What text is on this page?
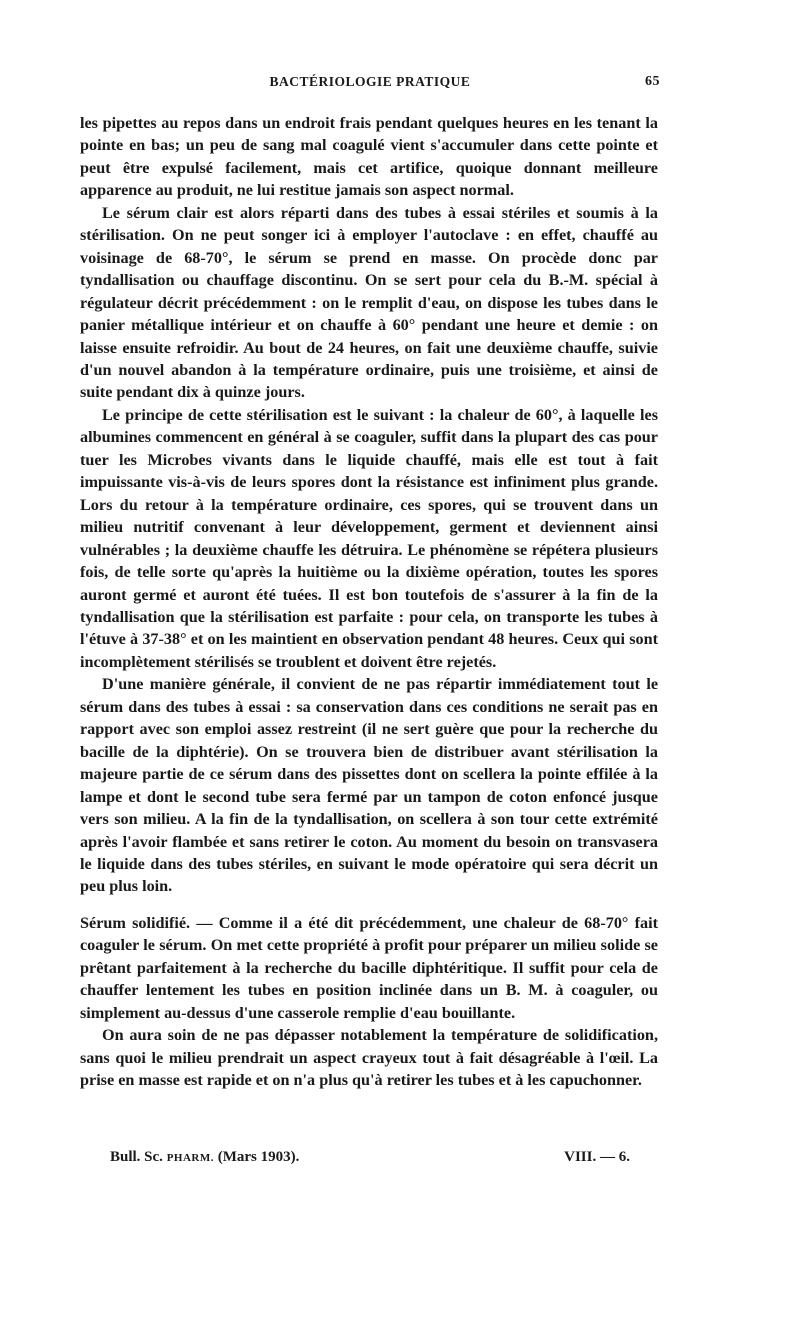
BACTÉRIOLOGIE PRATIQUE	65

les pipettes au repos dans un endroit frais pendant quelques heures en les tenant la pointe en bas; un peu de sang mal coagulé vient s'accumuler dans cette pointe et peut être expulsé facilement, mais cet artifice, quoique donnant meilleure apparence au produit, ne lui restitue jamais son aspect normal.

Le sérum clair est alors réparti dans des tubes à essai stériles et soumis à la stérilisation. On ne peut songer ici à employer l'autoclave : en effet, chauffé au voisinage de 68-70°, le sérum se prend en masse. On procède donc par tyndallisation ou chauffage discontinu. On se sert pour cela du B.-M. spécial à régulateur décrit précédemment : on le remplit d'eau, on dispose les tubes dans le panier métallique intérieur et on chauffe à 60° pendant une heure et demie : on laisse ensuite refroidir. Au bout de 24 heures, on fait une deuxième chauffe, suivie d'un nouvel abandon à la température ordinaire, puis une troisième, et ainsi de suite pendant dix à quinze jours.

Le principe de cette stérilisation est le suivant : la chaleur de 60°, à laquelle les albumines commencent en général à se coaguler, suffit dans la plupart des cas pour tuer les Microbes vivants dans le liquide chauffé, mais elle est tout à fait impuissante vis-à-vis de leurs spores dont la résistance est infiniment plus grande. Lors du retour à la température ordinaire, ces spores, qui se trouvent dans un milieu nutritif convenant à leur développement, germent et deviennent ainsi vulnérables ; la deuxième chauffe les détruira. Le phénomène se répétera plusieurs fois, de telle sorte qu'après la huitième ou la dixième opération, toutes les spores auront germé et auront été tuées. Il est bon toutefois de s'assurer à la fin de la tyndallisation que la stérilisation est parfaite : pour cela, on transporte les tubes à l'étuve à 37-38° et on les maintient en observation pendant 48 heures. Ceux qui sont incomplètement stérilisés se troublent et doivent être rejetés.

D'une manière générale, il convient de ne pas répartir immédiatement tout le sérum dans des tubes à essai : sa conservation dans ces conditions ne serait pas en rapport avec son emploi assez restreint (il ne sert guère que pour la recherche du bacille de la diphtérie). On se trouvera bien de distribuer avant stérilisation la majeure partie de ce sérum dans des pissettes dont on scellera la pointe effilée à la lampe et dont le second tube sera fermé par un tampon de coton enfoncé jusque vers son milieu. A la fin de la tyndallisation, on scellera à son tour cette extrémité après l'avoir flambée et sans retirer le coton. Au moment du besoin on transvasera le liquide dans des tubes stériles, en suivant le mode opératoire qui sera décrit un peu plus loin.

Sérum solidifié. — Comme il a été dit précédemment, une chaleur de 68-70° fait coaguler le sérum. On met cette propriété à profit pour préparer un milieu solide se prêtant parfaitement à la recherche du bacille diphtéritique. Il suffit pour cela de chauffer lentement les tubes en position inclinée dans un B. M. à coaguler, ou simplement au-dessus d'une casserole remplie d'eau bouillante.

On aura soin de ne pas dépasser notablement la température de solidification, sans quoi le milieu prendrait un aspect crayeux tout à fait désagréable à l'œil. La prise en masse est rapide et on n'a plus qu'à retirer les tubes et à les capuchonner.

Bull. Sc. PHARM. (Mars 1903).	VIII. — 6.
